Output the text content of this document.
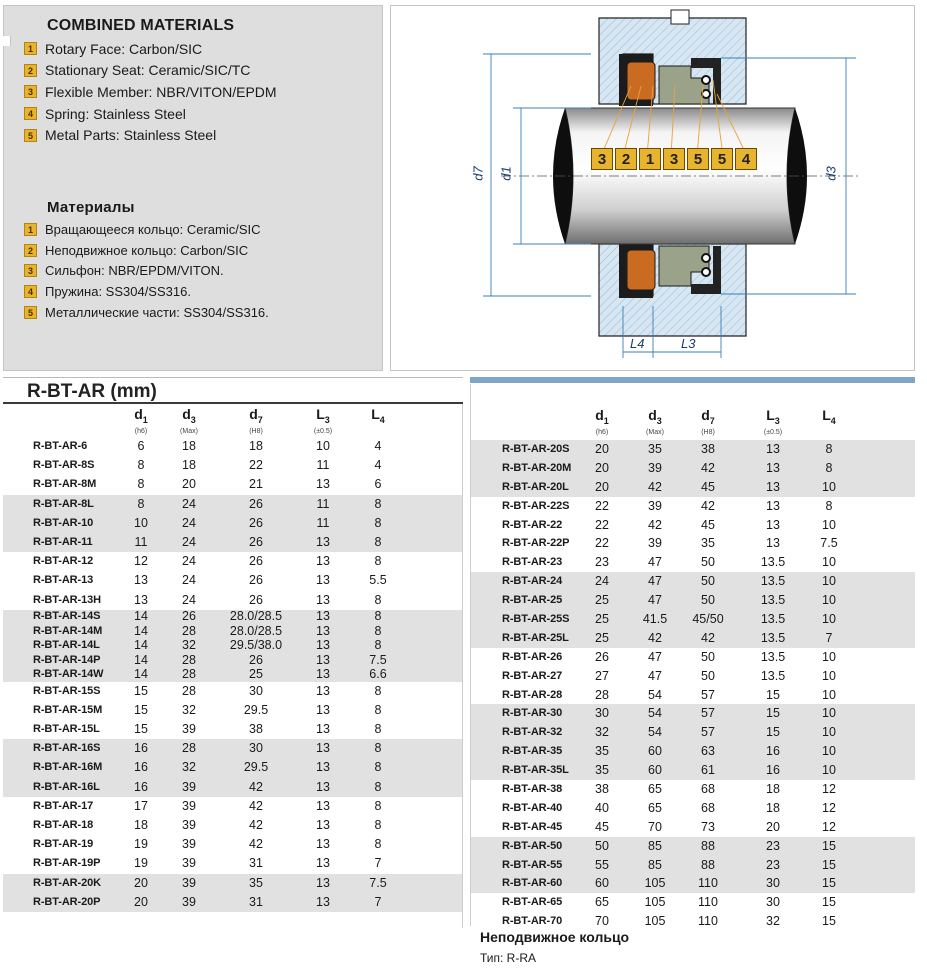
COMBINED MATERIALS
1 Rotary Face: Carbon/SIC
2 Stationary Seat: Ceramic/SIC/TC
3 Flexible Member: NBR/VITON/EPDM
4 Spring: Stainless Steel
5 Metal Parts: Stainless Steel
Материалы
1 Вращающееся кольцо: Ceramic/SIC
2 Неподвижное кольцо: Carbon/SIC
3 Сильфон: NBR/EPDM/VITON.
4 Пружина: SS304/SS316.
5 Металлические части: SS304/SS316.
3	2	1	3	5	5	4
d7 d1	d3
L4	L3
R-BT-AR (mm)
$d_1$
(h6)
$d_3$
(Max)
$d_7$
(H8)
$L_3$
(±0.5)
$L_4$
R-BT-AR-6	6	18	18	10	4
R-BT-AR-8S	8	18	22	11	4
R-BT-AR-8M	8	20	21	13	6
R-BT-AR-8L	8	24	26	11	8
R-BT-AR-10	10	24	26	11	8
R-BT-AR-11	11	24	26	13	8
R-BT-AR-12	12	24	26	13	8
R-BT-AR-13	13	24	26	13	5.5
R-BT-AR-13H	13	24	26	13	8
R-BT-AR-14S	14	26	28.0/28.5	13	8
R-BT-AR-14M	14	28	28.0/28.5	13	8
R-BT-AR-14L	14	32	29.5/38.0	13	8
R-BT-AR-14P	14	28	26	13	7.5
R-BT-AR-14W	14	28	25	13	6.6
R-BT-AR-15S	15	28	30	13	8
R-BT-AR-15M	15	32	29.5	13	8
R-BT-AR-15L	15	39	38	13	8
R-BT-AR-16S	16	28	30	13	8
R-BT-AR-16M	16	32	29.5	13	8
R-BT-AR-16L	16	39	42	13	8
R-BT-AR-17	17	39	42	13	8
R-BT-AR-18	18	39	42	13	8
R-BT-AR-19	19	39	42	13	8
R-BT-AR-19P	19	39	31	13	7
R-BT-AR-20K	20	39	35	13	7.5
R-BT-AR-20P	20	39	31	13	7
$d_1$
(h6)
$d_3$
(Max)
$d_7$
(H8)
$L_3$
(±0.5)
$L_4$
R-BT-AR-20S	20	35	38	13	8
R-BT-AR-20M	20	39	42	13	8
R-BT-AR-20L	20	42	45	13	10
R-BT-AR-22S	22	39	42	13	8
R-BT-AR-22	22	42	45	13	10
R-BT-AR-22P	22	39	35	13	7.5
R-BT-AR-23	23	47	50	13.5	10
R-BT-AR-24	24	47	50	13.5	10
R-BT-AR-25	25	47	50	13.5	10
R-BT-AR-25S	25	41.5	45/50	13.5	10
R-BT-AR-25L	25	42	42	13.5	7
R-BT-AR-26	26	47	50	13.5	10
R-BT-AR-27	27	47	50	13.5	10
R-BT-AR-28	28	54	57	15	10
R-BT-AR-30	30	54	57	15	10
R-BT-AR-32	32	54	57	15	10
R-BT-AR-35	35	60	63	16	10
R-BT-AR-35L	35	60	61	16	10
R-BT-AR-38	38	65	68	18	12
R-BT-AR-40	40	65	68	18	12
R-BT-AR-45	45	70	73	20	12
R-BT-AR-50	50	85	88	23	15
R-BT-AR-55	55	85	88	23	15
R-BT-AR-60	60	105	110	30	15
R-BT-AR-65	65	105	110	30	15
R-BT-AR-70	70	105	110	32	15
Неподвижное кольцо
Тип: R-RA
